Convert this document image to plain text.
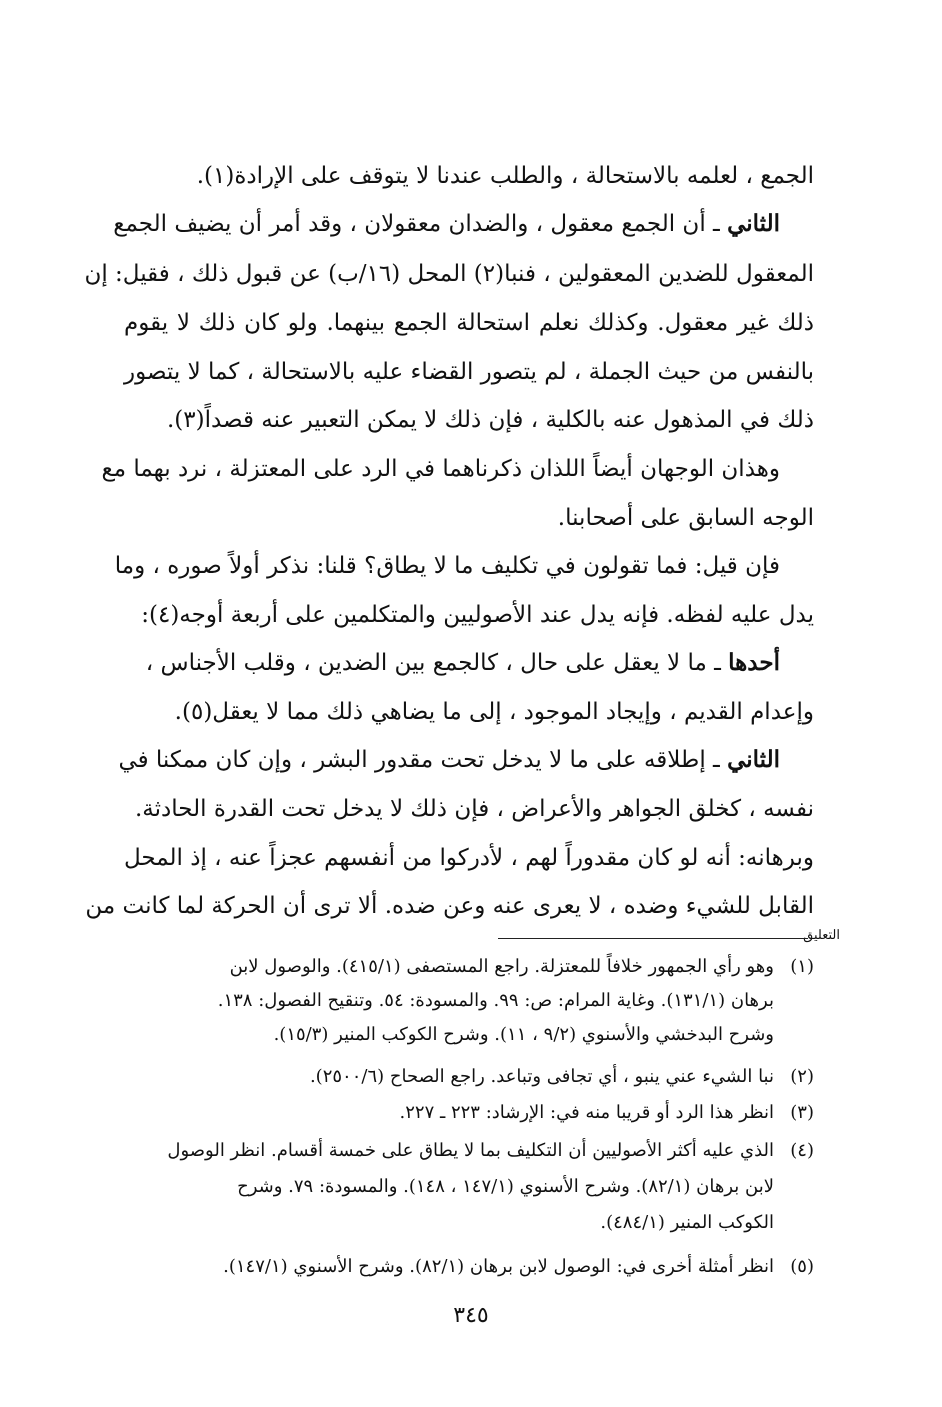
الجمع ، لعلمه بالاستحالة ، والطلب عندنا لا يتوقف على الإرادة(١).
الثاني ـ أن الجمع معقول ، والضدان معقولان ، وقد أمر أن يضيف الجمع
المعقول للضدين المعقولين ، فنبا(٢) المحل (١٦/ب) عن قبول ذلك ، فقيل: إن
ذلك غير معقول. وكذلك نعلم استحالة الجمع بينهما. ولو كان ذلك لا يقوم
بالنفس من حيث الجملة ، لم يتصور القضاء عليه بالاستحالة ، كما لا يتصور
ذلك في المذهول عنه بالكلية ، فإن ذلك لا يمكن التعبير عنه قصداً(٣).
وهذان الوجهان أيضاً اللذان ذكرناهما في الرد على المعتزلة ، نرد بهما مع
الوجه السابق على أصحابنا.
فإن قيل: فما تقولون في تكليف ما لا يطاق؟ قلنا: نذكر أولاً صوره ، وما
يدل عليه لفظه. فإنه يدل عند الأصوليين والمتكلمين على أربعة أوجه(٤):
أحدها ـ ما لا يعقل على حال ، كالجمع بين الضدين ، وقلب الأجناس ،
وإعدام القديم ، وإيجاد الموجود ، إلى ما يضاهي ذلك مما لا يعقل(٥).
الثاني ـ إطلاقه على ما لا يدخل تحت مقدور البشر ، وإن كان ممكنا في
نفسه ، كخلق الجواهر والأعراض ، فإن ذلك لا يدخل تحت القدرة الحادثة.
وبرهانه: أنه لو كان مقدوراً لهم ، لأدركوا من أنفسهم عجزاً عنه ، إذ المحل
القابل للشيء وضده ، لا يعرى عنه وعن ضده. ألا ترى أن الحركة لما كانت من
التعليق
(١)وهو رأي الجمهور خلافاً للمعتزلة. راجع المستصفى (٤١٥/١). والوصول لابن
برهان (١٣١/١). وغاية المرام: ص: ٩٩. والمسودة: ٥٤. وتنقيح الفصول: ١٣٨.
وشرح البدخشي والأسنوي (٩/٢ ، ١١). وشرح الكوكب المنير (١٥/٣).
(٢)نبا الشيء عني ينبو ، أي تجافى وتباعد. راجع الصحاح (٢٥٠٠/٦).
(٣)انظر هذا الرد أو قريبا منه في: الإرشاد: ٢٢٣ ـ ٢٢٧.
(٤)الذي عليه أكثر الأصوليين أن التكليف بما لا يطاق على خمسة أقسام. انظر الوصول
لابن برهان (٨٢/١). وشرح الأسنوي (١٤٧/١ ، ١٤٨). والمسودة: ٧٩. وشرح
الكوكب المنير (٤٨٤/١).
(٥)انظر أمثلة أخرى في: الوصول لابن برهان (٨٢/١). وشرح الأسنوي (١٤٧/١).
٣٤٥
